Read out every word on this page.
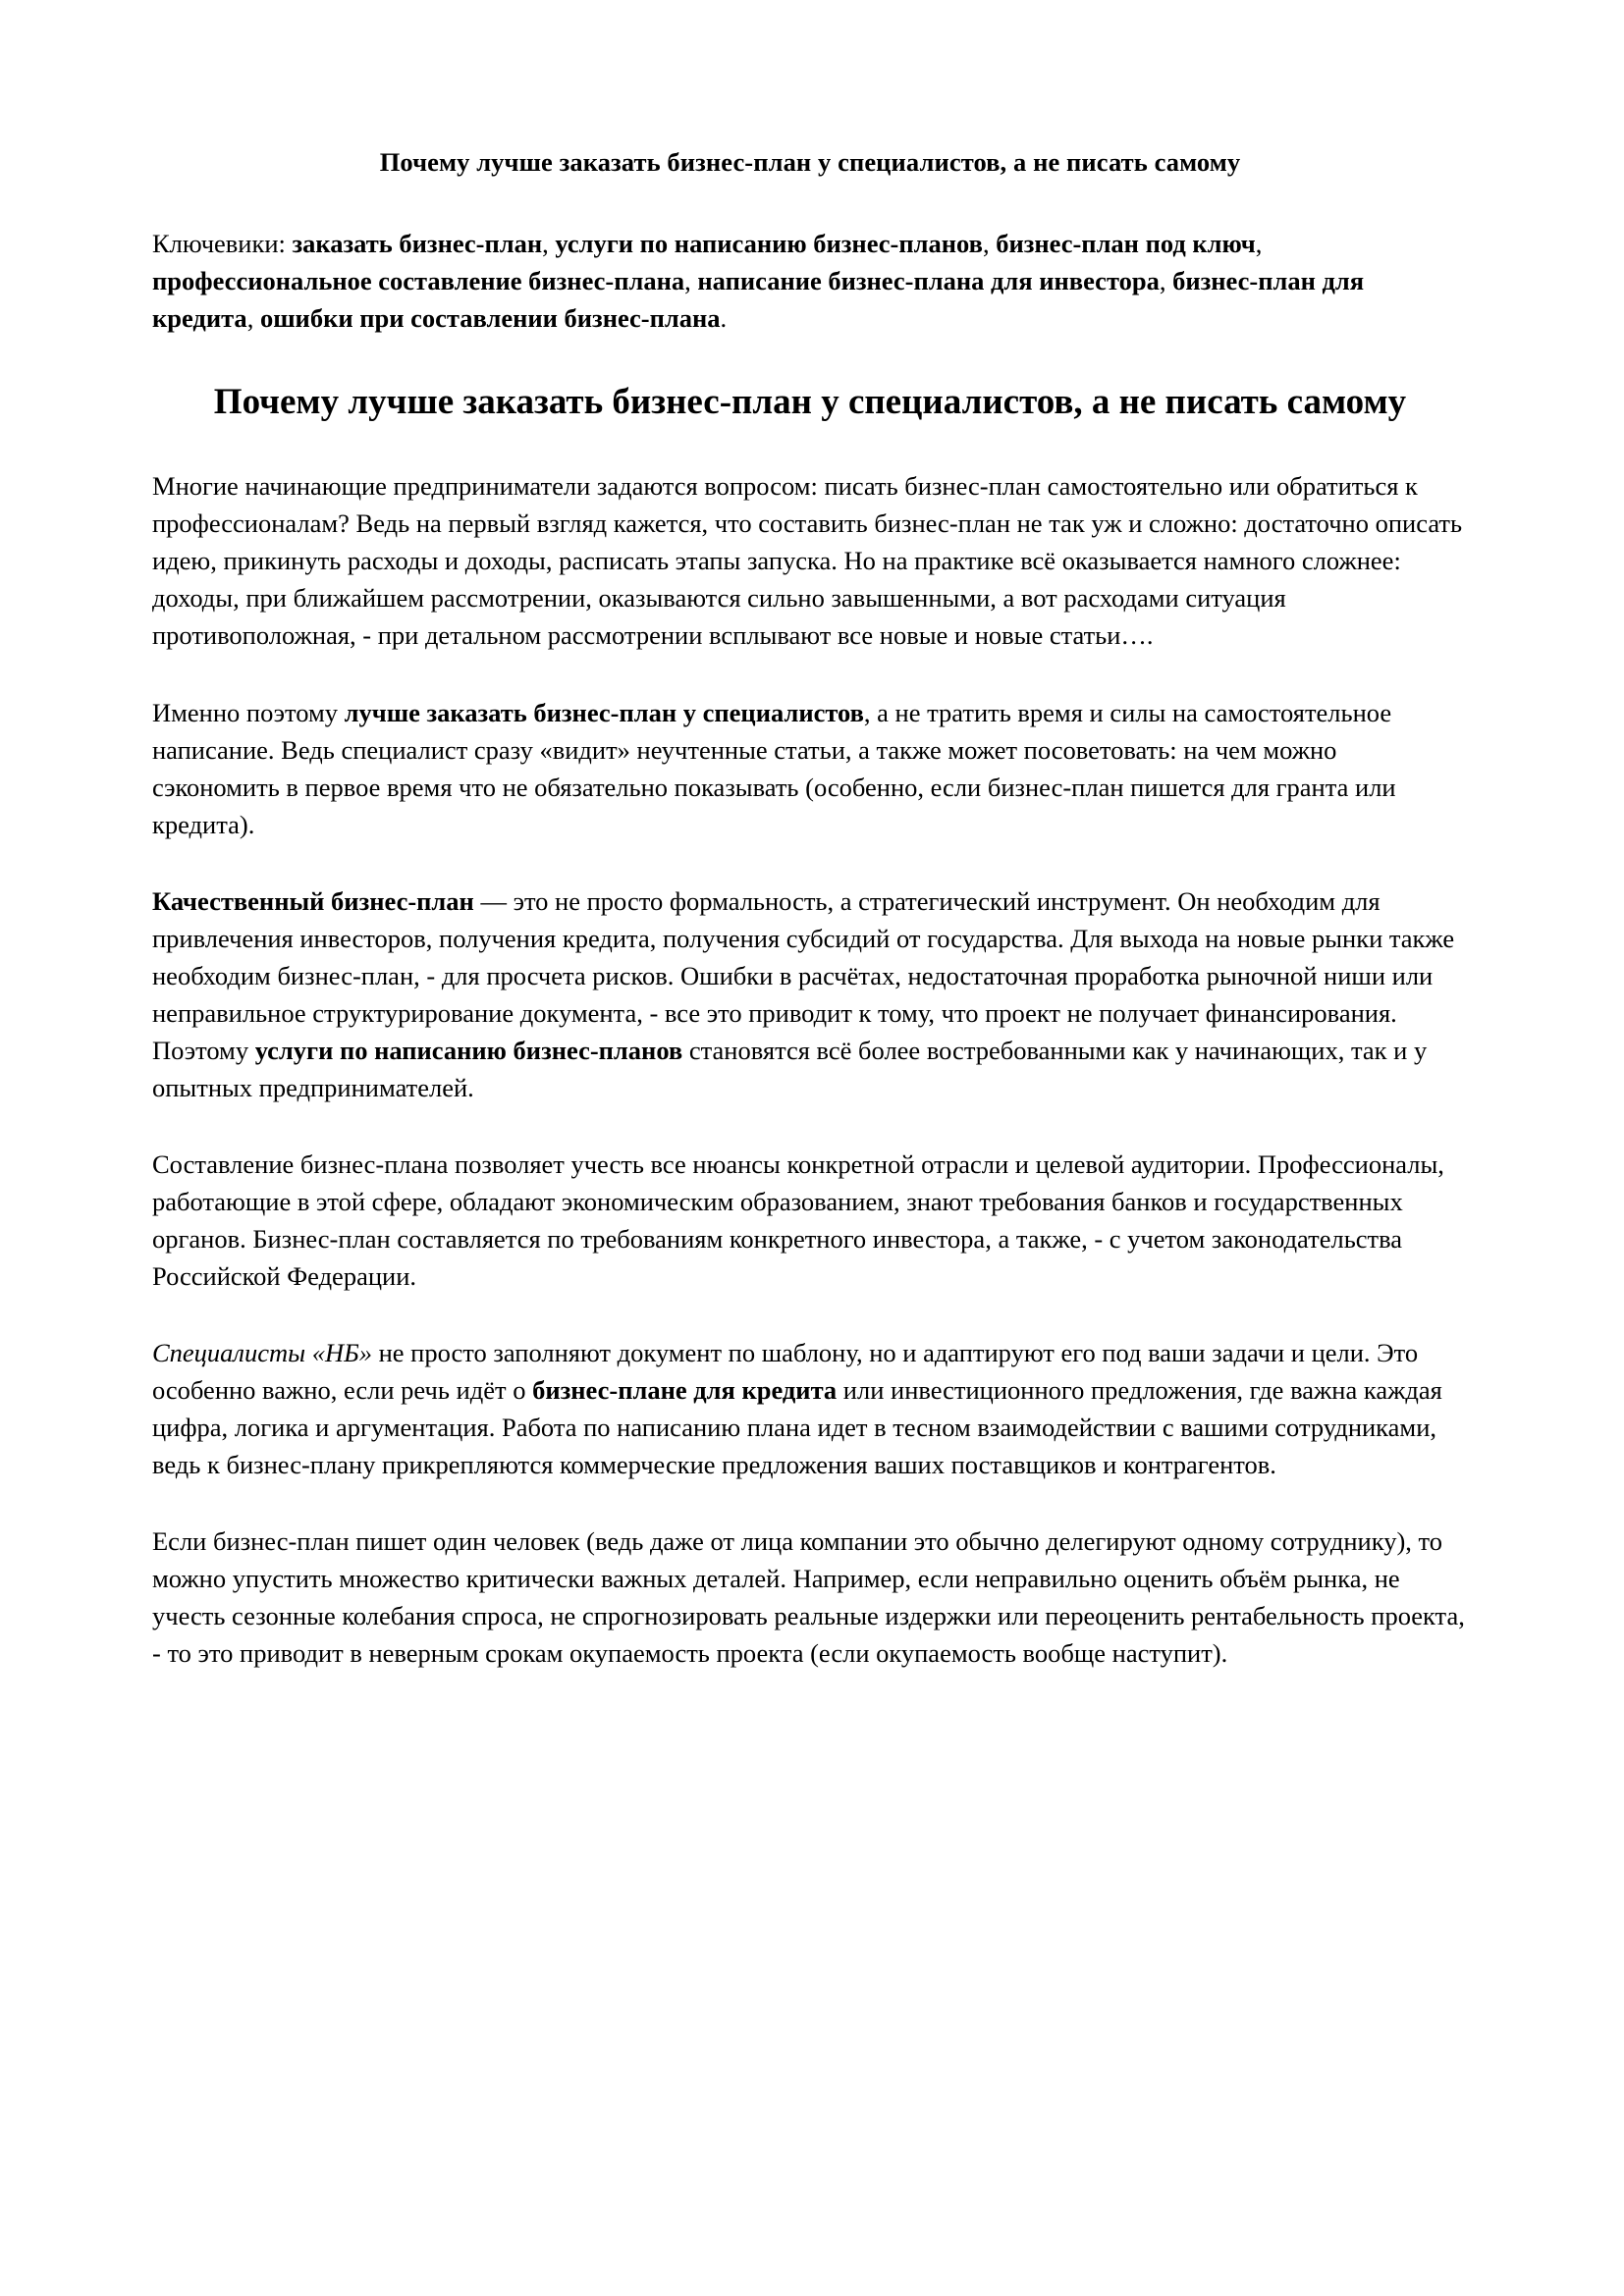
Почему лучше заказать бизнес-план у специалистов, а не писать самому
Ключевики: заказать бизнес-план, услуги по написанию бизнес-планов, бизнес-план под ключ, профессиональное составление бизнес-плана, написание бизнес-плана для инвестора, бизнес-план для кредита, ошибки при составлении бизнес-плана.
Почему лучше заказать бизнес-план у специалистов, а не писать самому

Многие начинающие предприниматели задаются вопросом: писать бизнес-план самостоятельно или обратиться к профессионалам? Ведь на первый взгляд кажется, что составить бизнес-план не так уж и сложно: достаточно описать идею, прикинуть расходы и доходы, расписать этапы запуска. Но на практике всё оказывается намного сложнее: доходы, при ближайшем рассмотрении, оказываются сильно завышенными, а вот расходами ситуация противоположная, - при детальном рассмотрении всплывают все новые и новые статьи….

Именно поэтому лучше заказать бизнес-план у специалистов, а не тратить время и силы на самостоятельное написание. Ведь специалист сразу «видит» неучтенные статьи, а также может посоветовать: на чем можно сэкономить в первое время что не обязательно показывать (особенно, если бизнес-план пишется для гранта или кредита).

Качественный бизнес-план — это не просто формальность, а стратегический инструмент. Он необходим для привлечения инвесторов, получения кредита, получения субсидий от государства. Для выхода на новые рынки также необходим бизнес-план, - для просчета рисков. Ошибки в расчётах, недостаточная проработка рыночной ниши или неправильное структурирование документа, - все это приводит к тому, что проект не получает финансирования. Поэтому услуги по написанию бизнес-планов становятся всё более востребованными как у начинающих, так и у опытных предпринимателей.

Составление бизнес-плана позволяет учесть все нюансы конкретной отрасли и целевой аудитории. Профессионалы, работающие в этой сфере, обладают экономическим образованием, знают требования банков и государственных органов. Бизнес-план составляется по требованиям конкретного инвестора, а также, - с учетом законодательства Российской Федерации.

Специалисты «НБ» не просто заполняют документ по шаблону, но и адаптируют его под ваши задачи и цели. Это особенно важно, если речь идёт о бизнес-плане для кредита или инвестиционного предложения, где важна каждая цифра, логика и аргументация. Работа по написанию плана идет в тесном взаимодействии с вашими сотрудниками, ведь к бизнес-плану прикрепляются коммерческие предложения ваших поставщиков и контрагентов.

Если бизнес-план пишет один человек (ведь даже от лица компании это обычно делегируют одному сотруднику), то можно упустить множество критически важных деталей. Например, если неправильно оценить объём рынка, не учесть сезонные колебания спроса, не спрогнозировать реальные издержки или переоценить рентабельность проекта, - то это приводит в неверным срокам окупаемость проекта (если окупаемость вообще наступит).
